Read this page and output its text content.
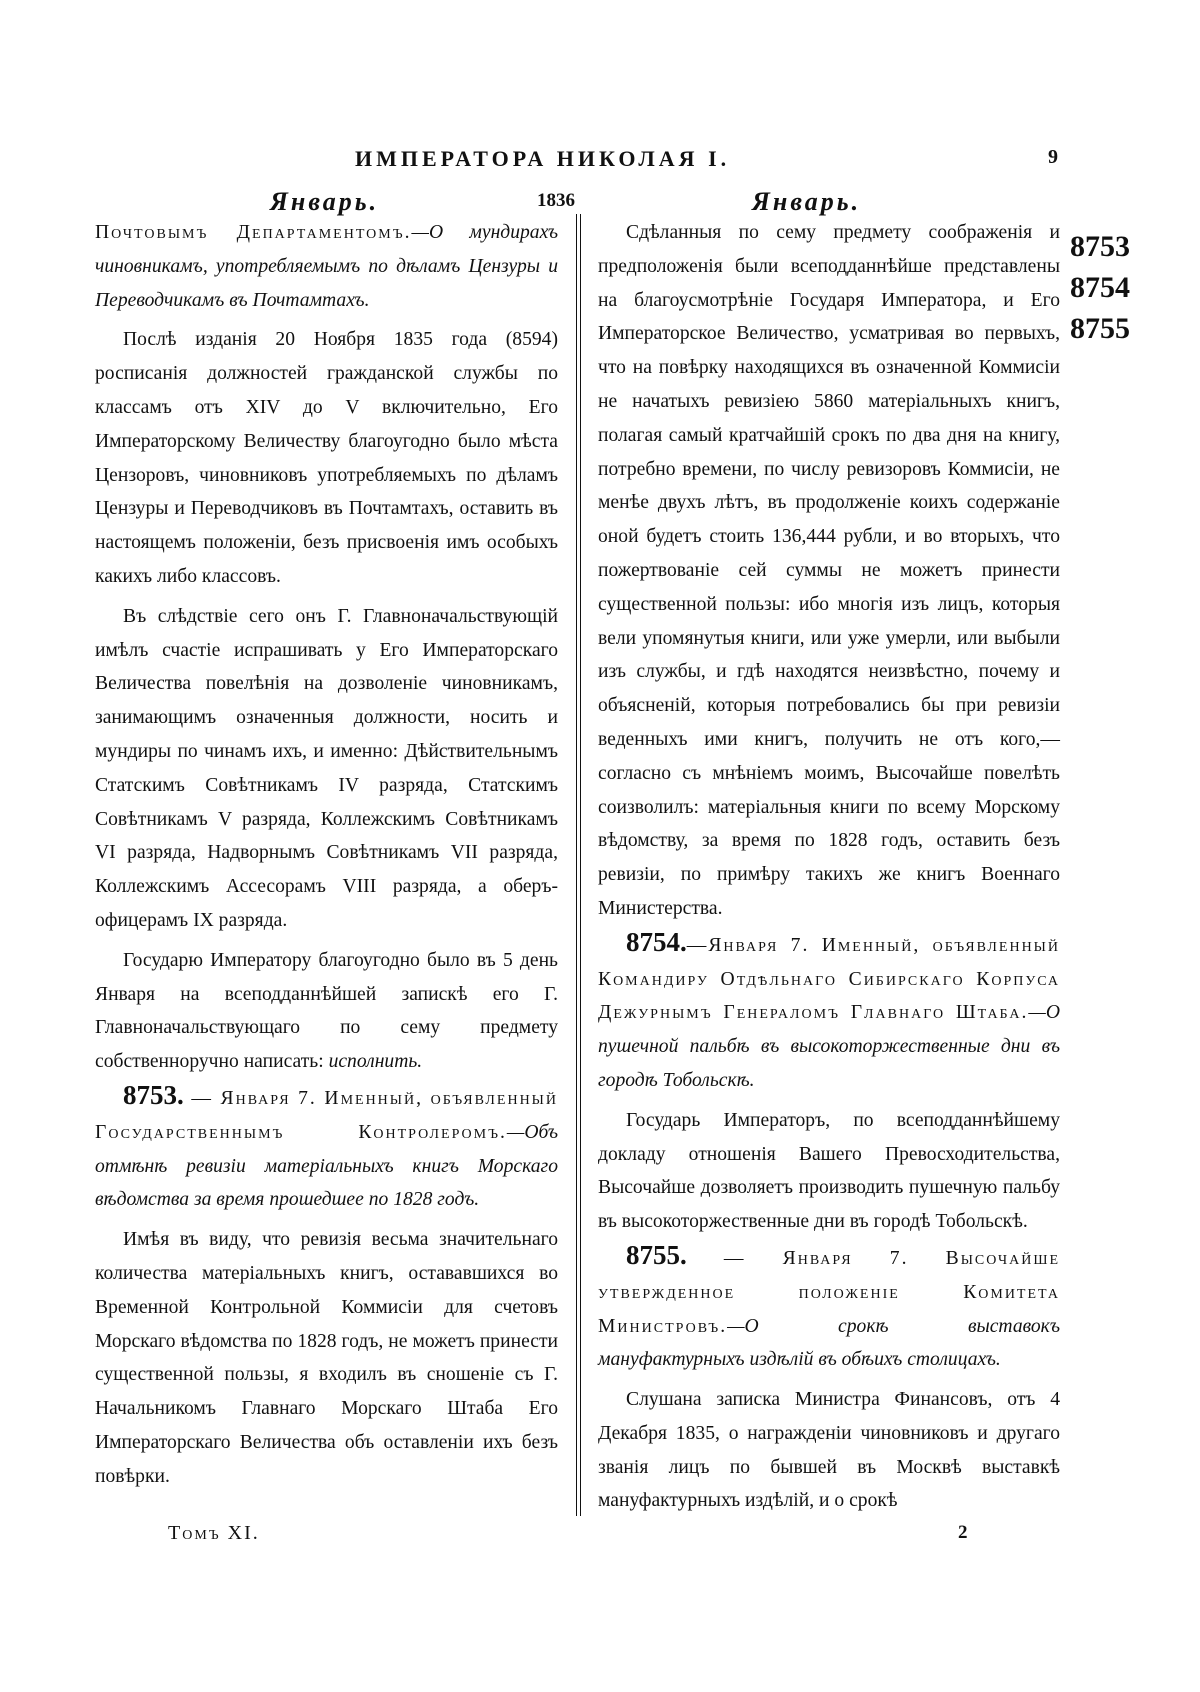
ИМПЕРАТОРА НИКОЛАЯ I.	9
Январь.	1836	Январь.

Почтовымъ Департаментомъ.—О мундирахъ чиновникамъ, употребляемымъ по дѣламъ Цензуры и Переводчикамъ въ Почтамтахъ.

Послѣ изданія 20 Ноября 1835 года (8594) росписанія должностей гражданской службы по классамъ отъ XIV до V включительно, Его Императорскому Величеству благоугодно было мѣста Цензоровъ, чиновниковъ употребляемыхъ по дѣламъ Цензуры и Переводчиковъ въ Почтамтахъ, оставить въ настоящемъ положеніи, безъ присвоенія имъ особыхъ какихъ либо классовъ.

Въ слѣдствіе сего онъ Г. Главноначальствующій имѣлъ счастіе испрашивать у Его Императорскаго Величества повелѣнія на дозволеніе чиновникамъ, занимающимъ означенныя должности, носить и мундиры по чинамъ ихъ, и именно: Дѣйствительнымъ Статскимъ Совѣтникамъ IV разряда, Статскимъ Совѣтникамъ V разряда, Коллежскимъ Совѣтникамъ VI разряда, Надворнымъ Совѣтникамъ VII разряда, Коллежскимъ Ассесорамъ VIII разряда, а оберъ-офицерамъ IX разряда.

Государю Императору благоугодно было въ 5 день Января на всеподданнѣйшей запискѣ его Г. Главноначальствующаго по сему предмету собственноручно написать: исполнить.

8753. — Января 7. Именный, объявленный Государственнымъ Контролеромъ.—Объ отмѣнѣ ревизіи матеріальныхъ книгъ Морскаго вѣдомства за время прошедшее по 1828 годъ.

Имѣя въ виду, что ревизія весьма значительнаго количества матеріальныхъ книгъ, остававшихся во Временной Контрольной Коммисіи для счетовъ Морскаго вѣдомства по 1828 годъ, не можетъ принести существенной пользы, я входилъ въ сношеніе съ Г. Начальникомъ Главнаго Морскаго Штаба Его Императорскаго Величества объ оставленіи ихъ безъ повѣрки.

Сдѣланныя по сему предмету соображенія и предположенія были всеподданнѣйше представлены на благоусмотрѣніе Государя Императора, и Его Императорское Величество, усматривая во первыхъ, что на повѣрку находящихся въ означенной Коммисіи не начатыхъ ревизіею 5860 матеріальныхъ книгъ, полагая самый кратчайшій срокъ по два дня на книгу, потребно времени, по числу ревизоровъ Коммисіи, не менѣе двухъ лѣтъ, въ продолженіе коихъ содержаніе оной будетъ стоить 136,444 рубли, и во вторыхъ, что пожертвованіе сей суммы не можетъ принести существенной пользы: ибо многія изъ лицъ, которыя вели упомянутыя книги, или уже умерли, или выбыли изъ службы, и гдѣ находятся неизвѣстно, почему и объясненій, которыя потребовались бы при ревизіи веденныхъ ими книгъ, получить не отъ кого,—согласно съ мнѣніемъ моимъ, Высочайше повелѣть соизволилъ: матеріальныя книги по всему Морскому вѣдомству, за время по 1828 годъ, оставить безъ ревизіи, по примѣру такихъ же книгъ Военнаго Министерства.

8754.—Января 7. Именный, объявленный Командиру Отдѣльнаго Сибирскаго Корпуса Дежурнымъ Генераломъ Главнаго Штаба.—О пушечной пальбѣ въ высокоторжественные дни въ городѣ Тобольскѣ.

Государь Императоръ, по всеподданнѣйшему докладу отношенія Вашего Превосходительства, Высочайше дозволяетъ производить пушечную пальбу въ высокоторжественные дни въ городѣ Тобольскѣ.

8755. — Января 7. Высочайше утвержденное положеніе Комитета Министровъ.—О срокѣ выставокъ мануфактурныхъ издѣлій въ обѣихъ столицахъ.

Слушана записка Министра Финансовъ, отъ 4 Декабря 1835, о награжденіи чиновниковъ и другаго званія лицъ по бывшей въ Москвѣ выставкѣ мануфактурныхъ издѣлій, и о срокѣ

8753
8754
8755
Томъ XI.	2
